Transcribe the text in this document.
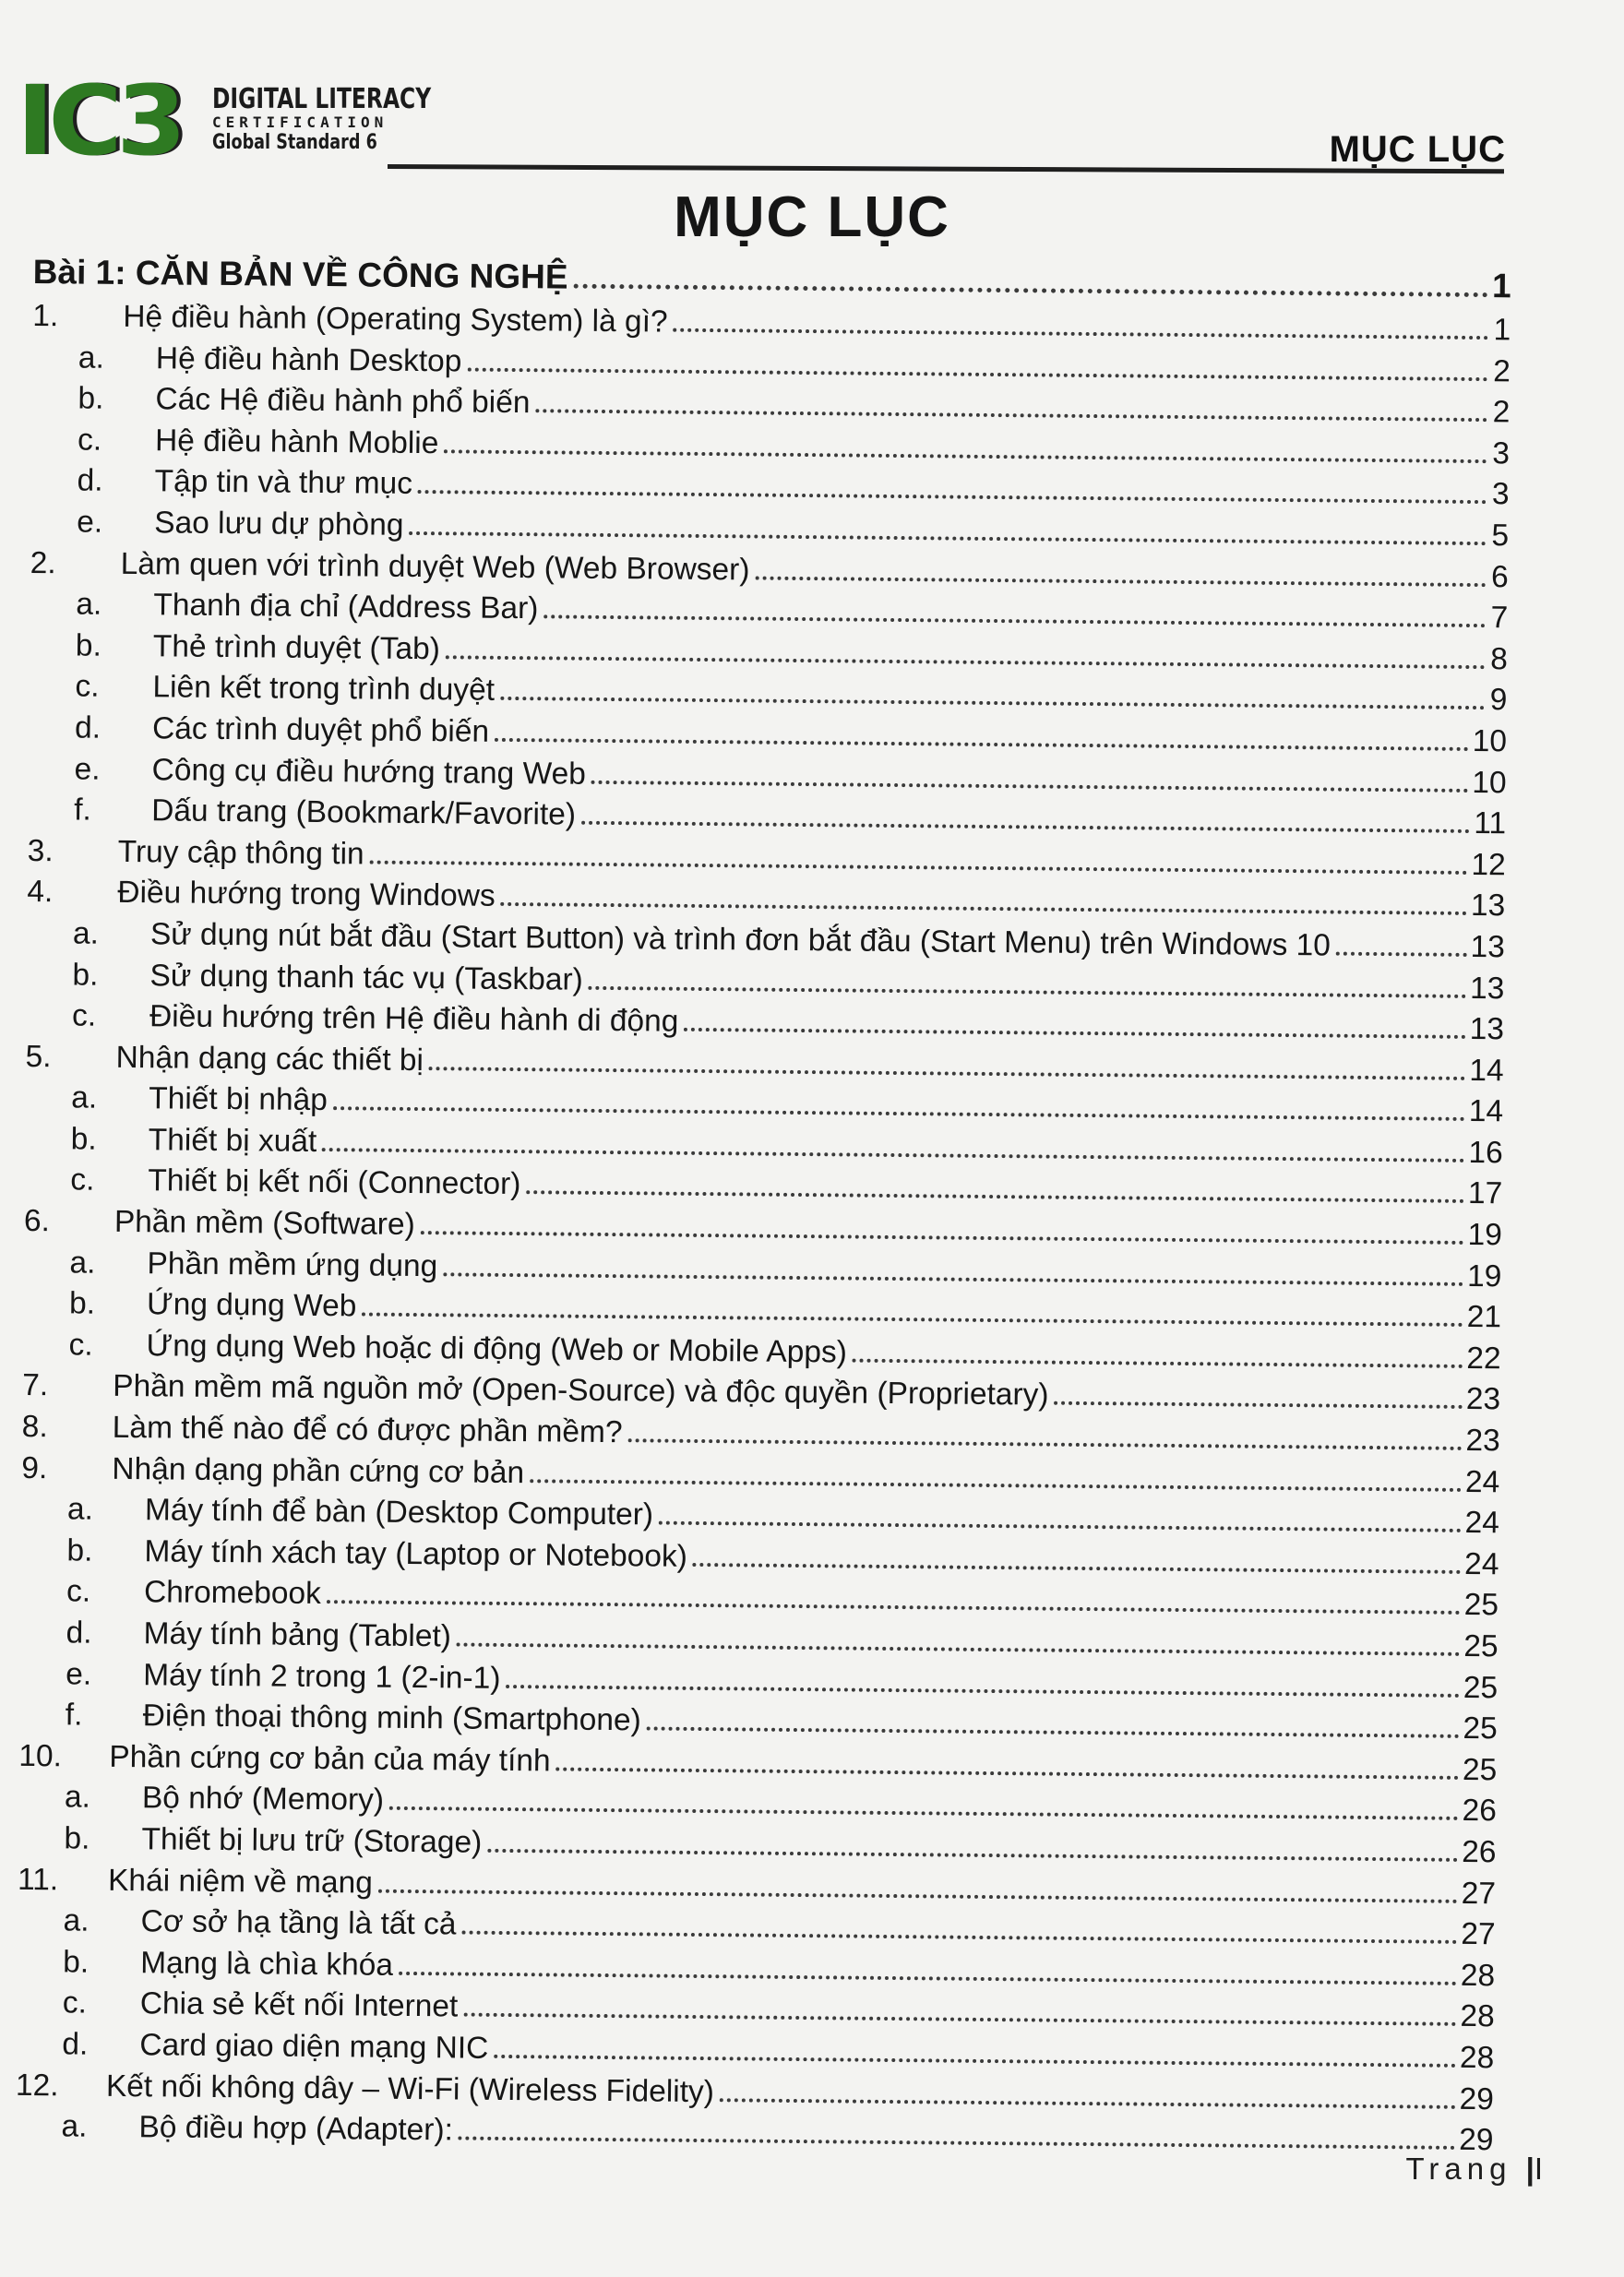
IC3 DIGITAL LITERACY
CERTIFICATION
Global Standard 6	MỤC LỤC
MỤC LỤC
Bài 1: CĂN BẢN VỀ CÔNG NGHỆ	1
1.	Hệ điều hành (Operating System) là gì?	1
a.	Hệ điều hành Desktop	2
b.	Các Hệ điều hành phổ biến	2
c.	Hệ điều hành Moblie	3
d.	Tập tin và thư mục	3
e.	Sao lưu dự phòng	5
2.	Làm quen với trình duyệt Web (Web Browser)	6
a.	Thanh địa chỉ (Address Bar)	7
b.	Thẻ trình duyệt (Tab)	8
c.	Liên kết trong trình duyệt	9
d.	Các trình duyệt phổ biến	10
e.	Công cụ điều hướng trang Web	10
f.	Dấu trang (Bookmark/Favorite)	11
3.	Truy cập thông tin	12
4.	Điều hướng trong Windows	13
a.	Sử dụng nút bắt đầu (Start Button) và trình đơn bắt đầu (Start Menu) trên Windows 10	13
b.	Sử dụng thanh tác vụ (Taskbar)	13
c.	Điều hướng trên Hệ điều hành di động	13
5.	Nhận dạng các thiết bị	14
a.	Thiết bị nhập	14
b.	Thiết bị xuất	16
c.	Thiết bị kết nối (Connector)	17
6.	Phần mềm (Software)	19
a.	Phần mềm ứng dụng	19
b.	Ứng dụng Web	21
c.	Ứng dụng Web hoặc di động (Web or Mobile Apps)	22
7.	Phần mềm mã nguồn mở (Open-Source) và độc quyền (Proprietary)	23
8.	Làm thế nào để có được phần mềm?	23
9.	Nhận dạng phần cứng cơ bản	24
a.	Máy tính để bàn (Desktop Computer)	24
b.	Máy tính xách tay (Laptop or Notebook)	24
c.	Chromebook	25
d.	Máy tính bảng (Tablet)	25
e.	Máy tính 2 trong 1 (2-in-1)	25
f.	Điện thoại thông minh (Smartphone)	25
10.	Phần cứng cơ bản của máy tính	25
a.	Bộ nhớ (Memory)	26
b.	Thiết bị lưu trữ (Storage)	26
11.	Khái niệm về mạng	27
a.	Cơ sở hạ tầng là tất cả	27
b.	Mạng là chìa khóa	28
c.	Chia sẻ kết nối Internet	28
d.	Card giao diện mạng NIC	28
12.	Kết nối không dây – Wi-Fi (Wireless Fidelity)	29
a.	Bộ điều hợp (Adapter):	29
Trang |I
